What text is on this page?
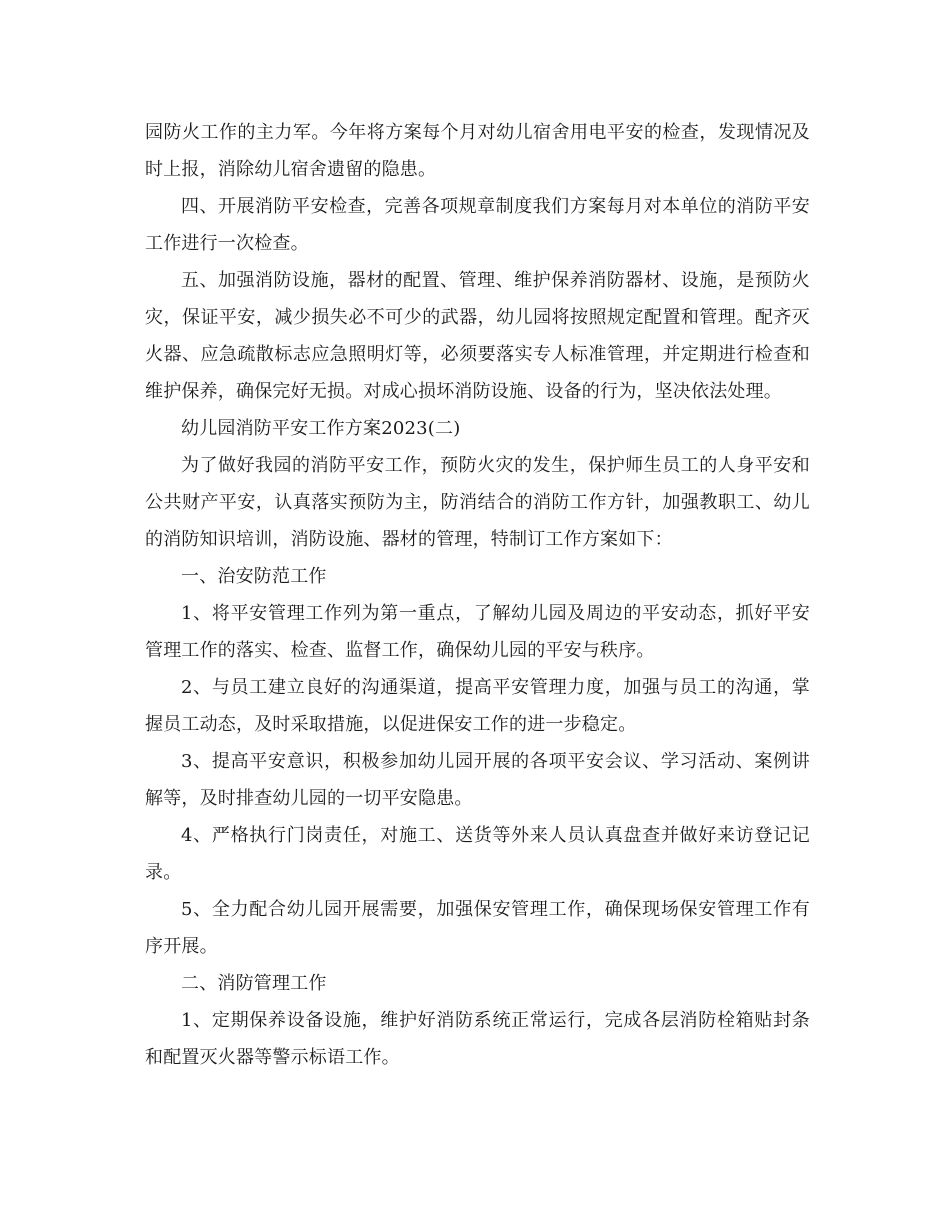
园防火工作的主力军。今年将方案每个月对幼儿宿舍用电平安的检查，发现情况及时上报，消除幼儿宿舍遗留的隐患。

四、开展消防平安检查，完善各项规章制度我们方案每月对本单位的消防平安工作进行一次检查。

五、加强消防设施，器材的配置、管理、维护保养消防器材、设施，是预防火灾，保证平安，减少损失必不可少的武器，幼儿园将按照规定配置和管理。配齐灭火器、应急疏散标志应急照明灯等，必须要落实专人标准管理，并定期进行检查和维护保养，确保完好无损。对成心损坏消防设施、设备的行为，坚决依法处理。

幼儿园消防平安工作方案2023(二)

为了做好我园的消防平安工作，预防火灾的发生，保护师生员工的人身平安和公共财产平安，认真落实预防为主，防消结合的消防工作方针，加强教职工、幼儿的消防知识培训，消防设施、器材的管理，特制订工作方案如下：

一、治安防范工作

1、将平安管理工作列为第一重点，了解幼儿园及周边的平安动态，抓好平安管理工作的落实、检查、监督工作，确保幼儿园的平安与秩序。

2、与员工建立良好的沟通渠道，提高平安管理力度，加强与员工的沟通，掌握员工动态，及时采取措施，以促进保安工作的进一步稳定。

3、提高平安意识，积极参加幼儿园开展的各项平安会议、学习活动、案例讲解等，及时排查幼儿园的一切平安隐患。

4、严格执行门岗责任，对施工、送货等外来人员认真盘查并做好来访登记记录。

5、全力配合幼儿园开展需要，加强保安管理工作，确保现场保安管理工作有序开展。

二、消防管理工作

1、定期保养设备设施，维护好消防系统正常运行，完成各层消防栓箱贴封条和配置灭火器等警示标语工作。
